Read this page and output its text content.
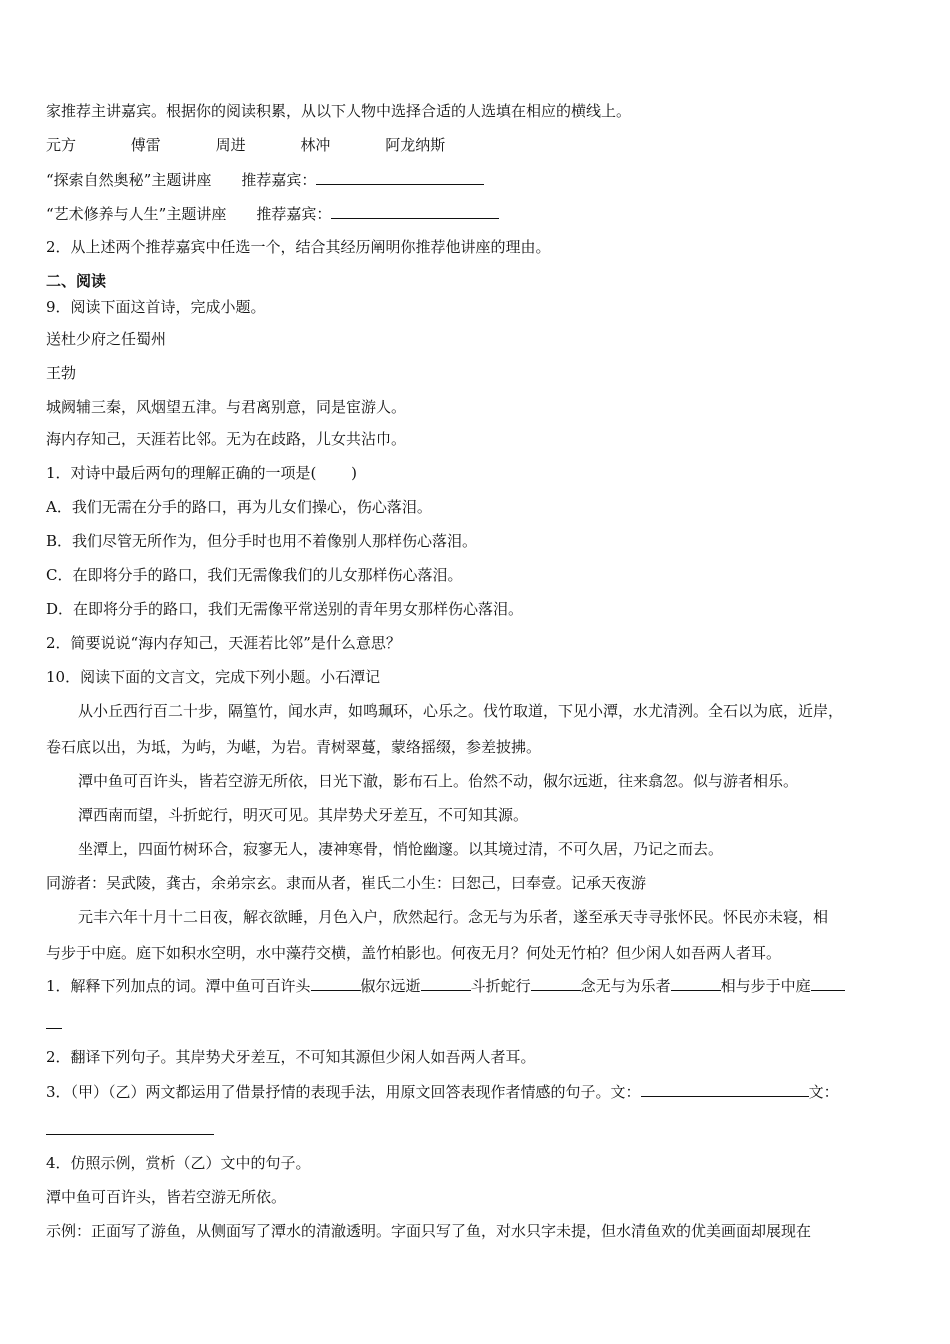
家推荐主讲嘉宾。根据你的阅读积累，从以下人物中选择合适的人选填在相应的横线上。
元方	傅雷	周进	林冲	阿龙纳斯
“探索自然奥秘”主题讲座　　推荐嘉宾：
“艺术修养与人生”主题讲座　　推荐嘉宾：
2．从上述两个推荐嘉宾中任选一个，结合其经历阐明你推荐他讲座的理由。
二、阅读
9．阅读下面这首诗，完成小题。
送杜少府之任蜀州
王勃
城阙辅三秦，风烟望五津。与君离别意，同是宦游人。
海内存知己，天涯若比邻。无为在歧路，儿女共沾巾。
1．对诗中最后两句的理解正确的一项是(　　 )
A．我们无需在分手的路口，再为儿女们操心，伤心落泪。
B．我们尽管无所作为，但分手时也用不着像别人那样伤心落泪。
C．在即将分手的路口，我们无需像我们的儿女那样伤心落泪。
D．在即将分手的路口，我们无需像平常送别的青年男女那样伤心落泪。
2．简要说说“海内存知己，天涯若比邻”是什么意思？
10．阅读下面的文言文，完成下列小题。小石潭记
从小丘西行百二十步，隔篁竹，闻水声，如鸣珮环，心乐之。伐竹取道，下见小潭，水尤清洌。全石以为底，近岸，
卷石底以出，为坻，为屿，为嵁，为岩。青树翠蔓，蒙络摇缀，参差披拂。
潭中鱼可百许头，皆若空游无所依，日光下澈，影布石上。佁然不动，俶尔远逝，往来翕忽。似与游者相乐。
潭西南而望，斗折蛇行，明灭可见。其岸势犬牙差互，不可知其源。
坐潭上，四面竹树环合，寂寥无人，凄神寒骨，悄怆幽邃。以其境过清，不可久居，乃记之而去。
同游者：吴武陵，龚古，余弟宗玄。隶而从者，崔氏二小生：曰恕己，曰奉壹。记承天夜游
元丰六年十月十二日夜，解衣欲睡，月色入户，欣然起行。念无与为乐者，遂至承天寺寻张怀民。怀民亦未寝，相
与步于中庭。庭下如积水空明，水中藻荇交横，盖竹柏影也。何夜无月？何处无竹柏？但少闲人如吾两人者耳。
1．解释下列加点的词。潭中鱼可百许头	俶尔远逝	斗折蛇行	念无与为乐者	相与步于中庭
2．翻译下列句子。其岸势犬牙差互，不可知其源但少闲人如吾两人者耳。
3．（甲）（乙）两文都运用了借景抒情的表现手法，用原文回答表现作者情感的句子。文：	文：
4．仿照示例，赏析（乙）文中的句子。
潭中鱼可百许头，皆若空游无所依。
示例：正面写了游鱼，从侧面写了潭水的清澈透明。字面只写了鱼，对水只字未提，但水清鱼欢的优美画面却展现在
